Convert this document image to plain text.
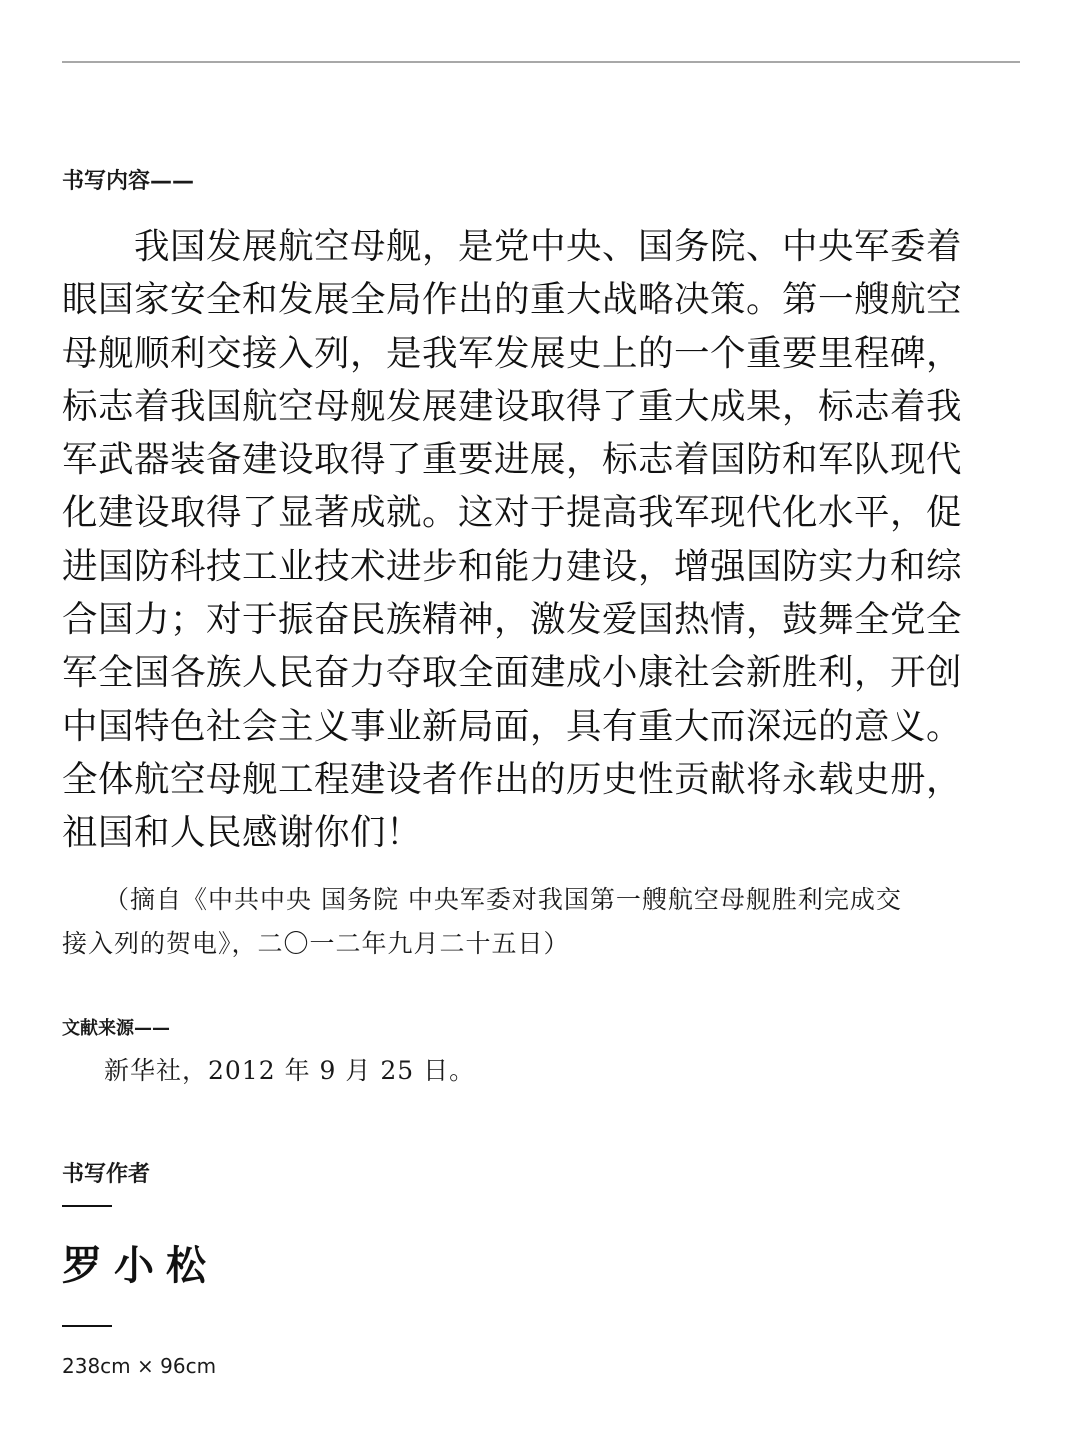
书写内容——
我国发展航空母舰，是党中央、国务院、中央军委着
眼国家安全和发展全局作出的重大战略决策。第一艘航空
母舰顺利交接入列，是我军发展史上的一个重要里程碑，
标志着我国航空母舰发展建设取得了重大成果，标志着我
军武器装备建设取得了重要进展，标志着国防和军队现代
化建设取得了显著成就。这对于提高我军现代化水平，促
进国防科技工业技术进步和能力建设，增强国防实力和综
合国力；对于振奋民族精神，激发爱国热情，鼓舞全党全
军全国各族人民奋力夺取全面建成小康社会新胜利，开创
中国特色社会主义事业新局面，具有重大而深远的意义。
全体航空母舰工程建设者作出的历史性贡献将永载史册，
祖国和人民感谢你们！
（摘自《中共中央 国务院 中央军委对我国第一艘航空母舰胜利完成交
接入列的贺电》，二〇一二年九月二十五日）
文献来源——
新华社，2012 年 9 月 25 日。
书写作者
罗小松
238cm × 96cm
